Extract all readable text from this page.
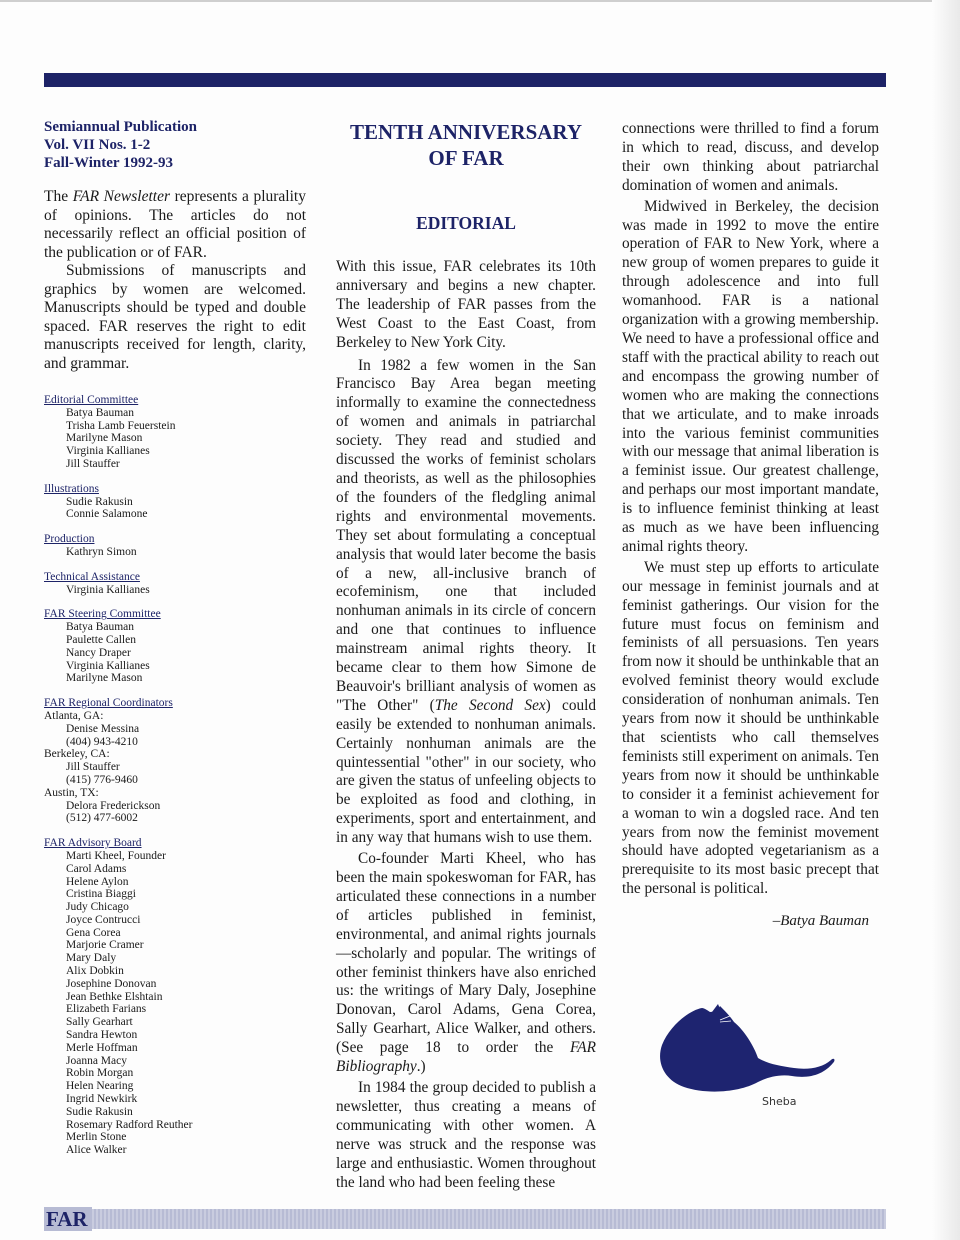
Semiannual Publication

Vol. VII Nos. 1-2

Fall-Winter 1992-93

The FAR Newsletter represents a plurality of opinions. The articles do not necessarily reflect an official position of the publication or of FAR.

Submissions of manuscripts and graphics by women are welcomed. Manuscripts should be typed and double spaced. FAR reserves the right to edit manuscripts received for length, clarity, and grammar.

Editorial Committee

Batya Bauman

Trisha Lamb Feuerstein

Marilyne Mason

Virginia Kallianes

Jill Stauffer

Illustrations

Sudie Rakusin

Connie Salamone

Production

Kathryn Simon

Technical Assistance

Virginia Kallianes

FAR Steering Committee

Batya Bauman

Paulette Callen

Nancy Draper

Virginia Kallianes

Marilyne Mason

FAR Regional Coordinators

Atlanta, GA:

Denise Messina

(404) 943-4210

Berkeley, CA:

Jill Stauffer

(415) 776-9460

Austin, TX:

Delora Frederickson

(512) 477-6002

FAR Advisory Board

Marti Kheel, Founder

Carol Adams

Helene Aylon

Cristina Biaggi

Judy Chicago

Joyce Contrucci

Gena Corea

Marjorie Cramer

Mary Daly

Alix Dobkin

Josephine Donovan

Jean Bethke Elshtain

Elizabeth Farians

Sally Gearhart

Sandra Hewton

Merle Hoffman

Joanna Macy

Robin Morgan

Helen Nearing

Ingrid Newkirk

Sudie Rakusin

Rosemary Radford Reuther

Merlin Stone

Alice Walker

TENTH ANNIVERSARY

OF FAR

EDITORIAL

With this issue, FAR celebrates its 10th anniversary and begins a new chapter. The leadership of FAR passes from the West Coast to the East Coast, from Berkeley to New York City.

In 1982 a few women in the San Francisco Bay Area began meeting informally to examine the connectedness of women and animals in patriarchal society. They read and studied and discussed the works of feminist scholars and theorists, as well as the philosophies of the founders of the fledgling animal rights and environmental movements. They set about formulating a conceptual analysis that would later become the basis of a new, all-inclusive branch of ecofeminism, one that included nonhuman animals in its circle of concern and one that continues to influence mainstream animal rights theory. It became clear to them how Simone de Beauvoir's brilliant analysis of women as "The Other" (The Second Sex) could easily be extended to nonhuman animals. Certainly nonhuman animals are the quintessential "other" in our society, who are given the status of unfeeling objects to be exploited as food and clothing, in experiments, sport and entertainment, and in any way that humans wish to use them.

Co-founder Marti Kheel, who has been the main spokeswoman for FAR, has articulated these connections in a number of articles published in feminist, environmental, and animal rights journals—scholarly and popular. The writings of other feminist thinkers have also enriched us: the writings of Mary Daly, Josephine Donovan, Carol Adams, Gena Corea, Sally Gearhart, Alice Walker, and others. (See page 18 to order the FAR Bibliography.)

In 1984 the group decided to publish a newsletter, thus creating a means of communicating with other women. A nerve was struck and the response was large and enthusiastic. Women throughout the land who had been feeling these

connections were thrilled to find a forum in which to read, discuss, and develop their own thinking about patriarchal domination of women and animals.

Midwived in Berkeley, the decision was made in 1992 to move the entire operation of FAR to New York, where a new group of women prepares to guide it through adolescence and into full womanhood. FAR is a national organization with a growing membership. We need to have a professional office and staff with the practical ability to reach out and encompass the growing number of women who are making the connections that we articulate, and to make inroads into the various feminist communities with our message that animal liberation is a feminist issue. Our greatest challenge, and perhaps our most important mandate, is to influence feminist thinking at least as much as we have been influencing animal rights theory.

We must step up efforts to articulate our message in feminist journals and at feminist gatherings. Our vision for the future must focus on feminism and feminists of all persuasions. Ten years from now it should be unthinkable that an evolved feminist theory would exclude consideration of nonhuman animals. Ten years from now it should be unthinkable that scientists who call themselves feminists still experiment on animals. Ten years from now it should be unthinkable to consider it a feminist achievement for a woman to win a dogsled race. And ten years from now the feminist movement should have adopted vegetarianism as a prerequisite to its most basic precept that the personal is political.

–Batya Bauman

Sheba
FAR
